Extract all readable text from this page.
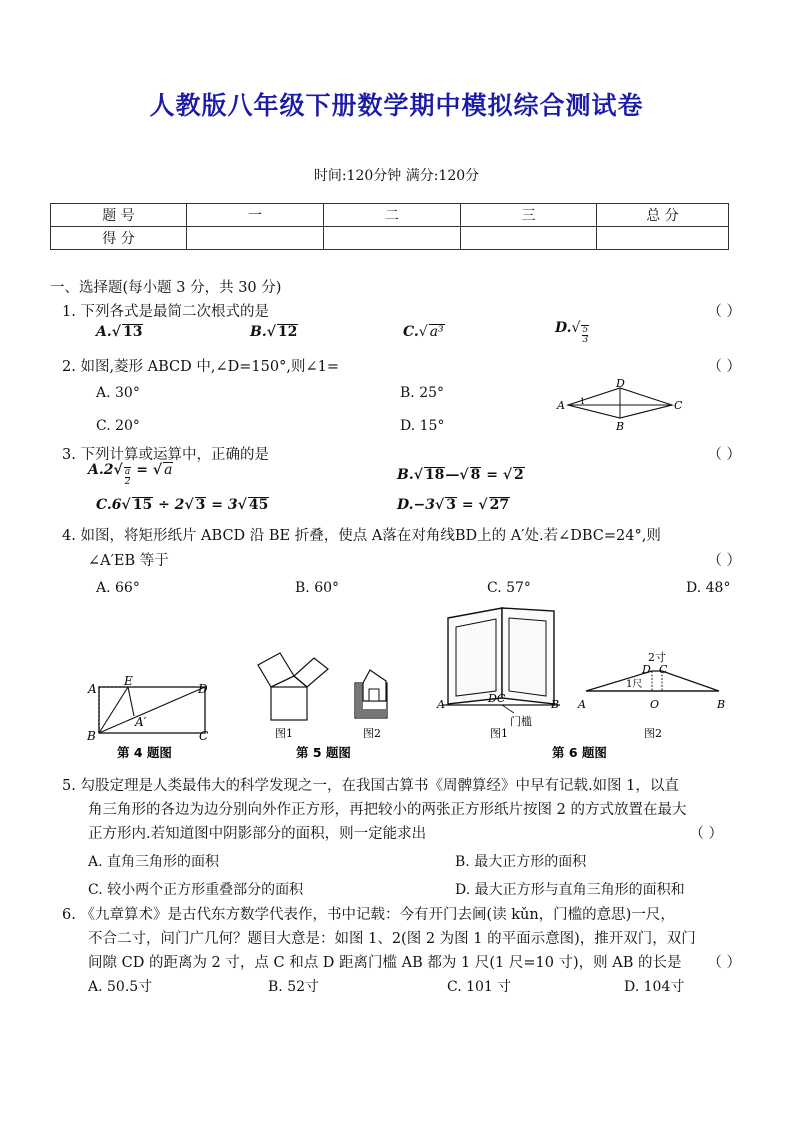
人教版八年级下册数学期中模拟综合测试卷
时间:120分钟 满分:120分
题 号	一	二	三	总 分
得 分				
一、选择题(每小题 3 分，共 30 分)
1. 下列各式是最简二次根式的是	（ ）
A.√ 13	B.√ 12	C.√ a³	$D.√ \frac{5}{3}$
2. 如图,菱形 ABCD 中,∠D=150°,则∠1=	（ ）
A. 30°	B. 25°
C. 20°	D. 15°
A
D
C
B
1
3. 下列计算或运算中，正确的是	（ ）
$A.2√ \frac{a}{2}$ = √ a	B.√ 18—√ 8 = √ 2
C.6√ 15 ÷ 2√ 3 = 3√ 45	D.−3√ 3 = √ 27
4. 如图，将矩形纸片 ABCD 沿 BE 折叠，使点 A落在对角线BD上的 A′处.若∠DBC=24°,则
∠A′EB 等于	（ ）
A. 66°	B. 60°	C. 57°	D. 48°
A
E
D
A′
B	C
第 4 题图
图1	图2
第 5 题图
A	DC	B
门槛
图1
2寸
D C
1尺
A	O	B
图2
第 6 题图
5. 勾股定理是人类最伟大的科学发现之一，在我国古算书《周髀算经》中早有记载.如图 1，以直
角三角形的各边为边分别向外作正方形，再把较小的两张正方形纸片按图 2 的方式放置在最大
正方形内.若知道图中阴影部分的面积，则一定能求出	（ ）
A. 直角三角形的面积	B. 最大正方形的面积
C. 较小两个正方形重叠部分的面积	D. 最大正方形与直角三角形的面积和
6. 《九章算术》是古代东方数学代表作，书中记载：今有开门去阃(读 kǔn，门槛的意思)一尺，
不合二寸，问门广几何？题目大意是：如图 1、2(图 2 为图 1 的平面示意图)，推开双门，双门
间隙 CD 的距离为 2 寸，点 C 和点 D 距离门槛 AB 都为 1 尺(1 尺=10 寸)，则 AB 的长是 （ ）
A. 50.5寸	B. 52寸	C. 101 寸	D. 104寸
